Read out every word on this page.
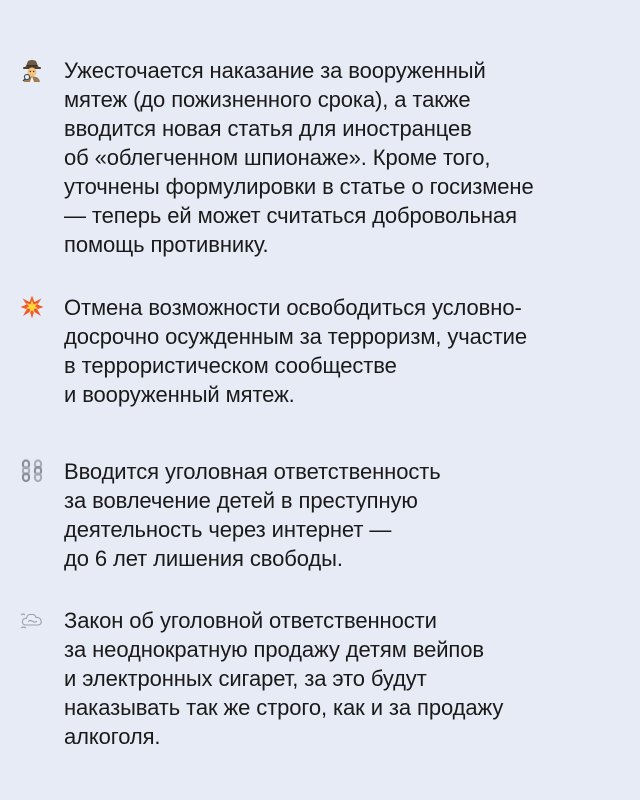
Ужесточается наказание за вооруженный
мятеж (до пожизненного срока), а также
вводится новая статья для иностранцев
об «облегченном шпионаже». Кроме того,
уточнены формулировки в статье о госизмене
— теперь ей может считаться добровольная
помощь противнику.
Отмена возможности освободиться условно-
досрочно осужденным за терроризм, участие
в террористическом сообществе
и вооруженный мятеж.
Вводится уголовная ответственность
за вовлечение детей в преступную
деятельность через интернет —
до 6 лет лишения свободы.
Закон об уголовной ответственности
за неоднократную продажу детям вейпов
и электронных сигарет, за это будут
наказывать так же строго, как и за продажу
алкоголя.
